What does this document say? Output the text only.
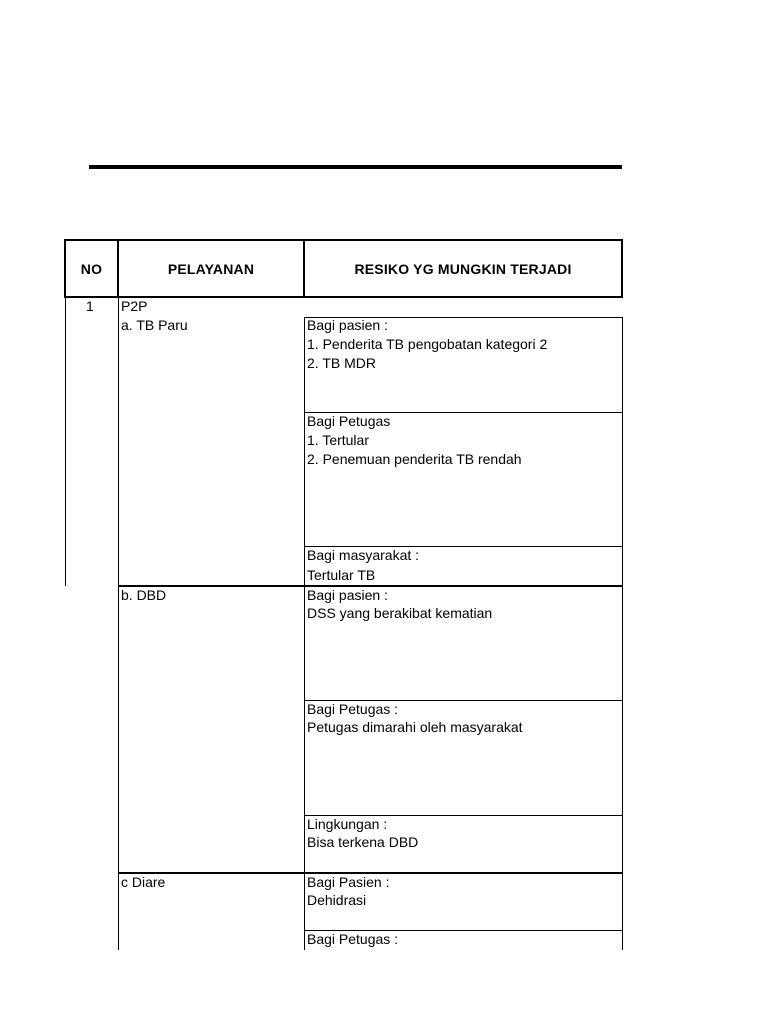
NO	PELAYANAN	RESIKO YG MUNGKIN TERJADI
1 P2P
a. TB Paru	Bagi pasien :
1. Penderita TB pengobatan kategori 2
2. TB MDR
Bagi Petugas
1. Tertular
2. Penemuan penderita TB rendah
Bagi masyarakat :
Tertular TB
b. DBD	Bagi pasien :
DSS yang berakibat kematian
Bagi Petugas :
Petugas dimarahi oleh masyarakat
Lingkungan :
Bisa terkena DBD
c Diare	Bagi Pasien :
Dehidrasi
Bagi Petugas :
